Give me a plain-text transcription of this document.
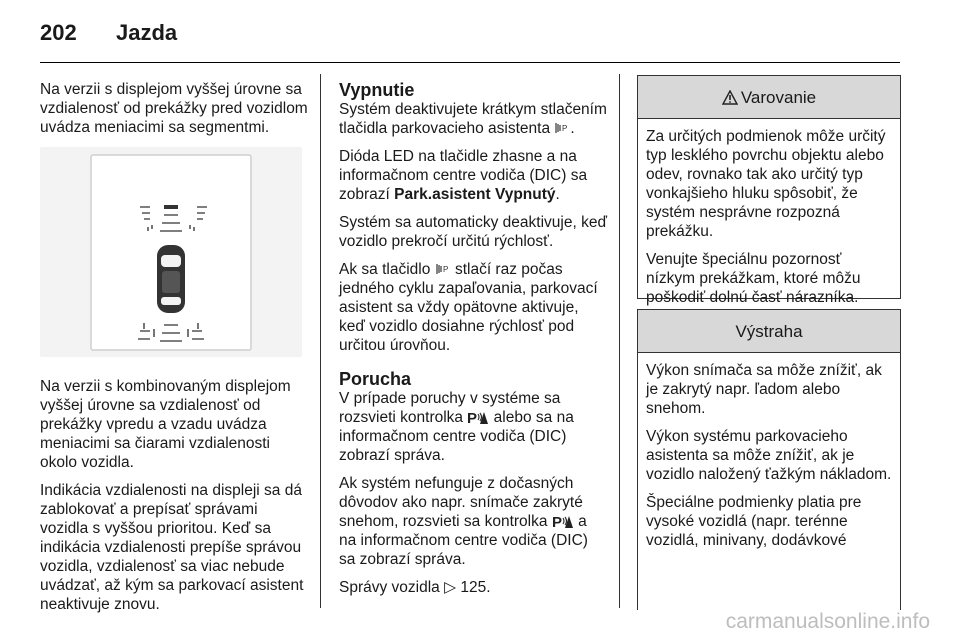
202 Jazda

Na verzii s displejom vyššej úrovne sa vzdialenosť od prekážky pred vozidlom uvádza meniacimi sa segmentmi.

Na verzii s kombinovaným displejom vyššej úrovne sa vzdialenosť od prekážky vpredu a vzadu uvádza meniacimi sa čiarami vzdialenosti okolo vozidla.

Indikácia vzdialenosti na displeji sa dá zablokovať a prepísať správami vozidla s vyššou prioritou. Keď sa indikácia vzdialenosti prepíše správou vozidla, vzdialenosť sa viac nebude uvádzať, až kým sa parkovací asistent neaktivuje znovu.

Vypnutie

Systém deaktivujete krátkym stlačením tlačidla parkovacieho asistenta P .

Dióda LED na tlačidle zhasne a na informačnom centre vodiča (DIC) sa zobrazí Park.asistent Vypnutý.

Systém sa automaticky deaktivuje, keď vozidlo prekročí určitú rýchlosť.

Ak sa tlačidlo P stlačí raz počas jedného cyklu zapaľovania, parkovací asistent sa vždy opätovne aktivuje, keď vozidlo dosiahne rýchlosť pod určitou úrovňou.

Porucha

V prípade poruchy v systéme sa rozsvieti kontrolka P alebo sa na informačnom centre vodiča (DIC) zobrazí správa.

Ak systém nefunguje z dočasných dôvodov ako napr. snímače zakryté snehom, rozsvieti sa kontrolka P a na informačnom centre vodiča (DIC) sa zobrazí správa.

Správy vozidla ▷ 125.

Varovanie

Za určitých podmienok môže určitý typ lesklého povrchu objektu alebo odev, rovnako tak ako určitý typ vonkajšieho hluku spôsobiť, že systém nesprávne rozpozná prekážku.

Venujte špeciálnu pozornosť nízkym prekážkam, ktoré môžu poškodiť dolnú časť nárazníka.

Výstraha

Výkon snímača sa môže znížiť, ak je zakrytý napr. ľadom alebo snehom.

Výkon systému parkovacieho asistenta sa môže znížiť, ak je vozidlo naložený ťažkým nákladom.

Špeciálne podmienky platia pre vysoké vozidlá (napr. terénne vozidlá, minivany, dodávkové

carmanualsonline.info
